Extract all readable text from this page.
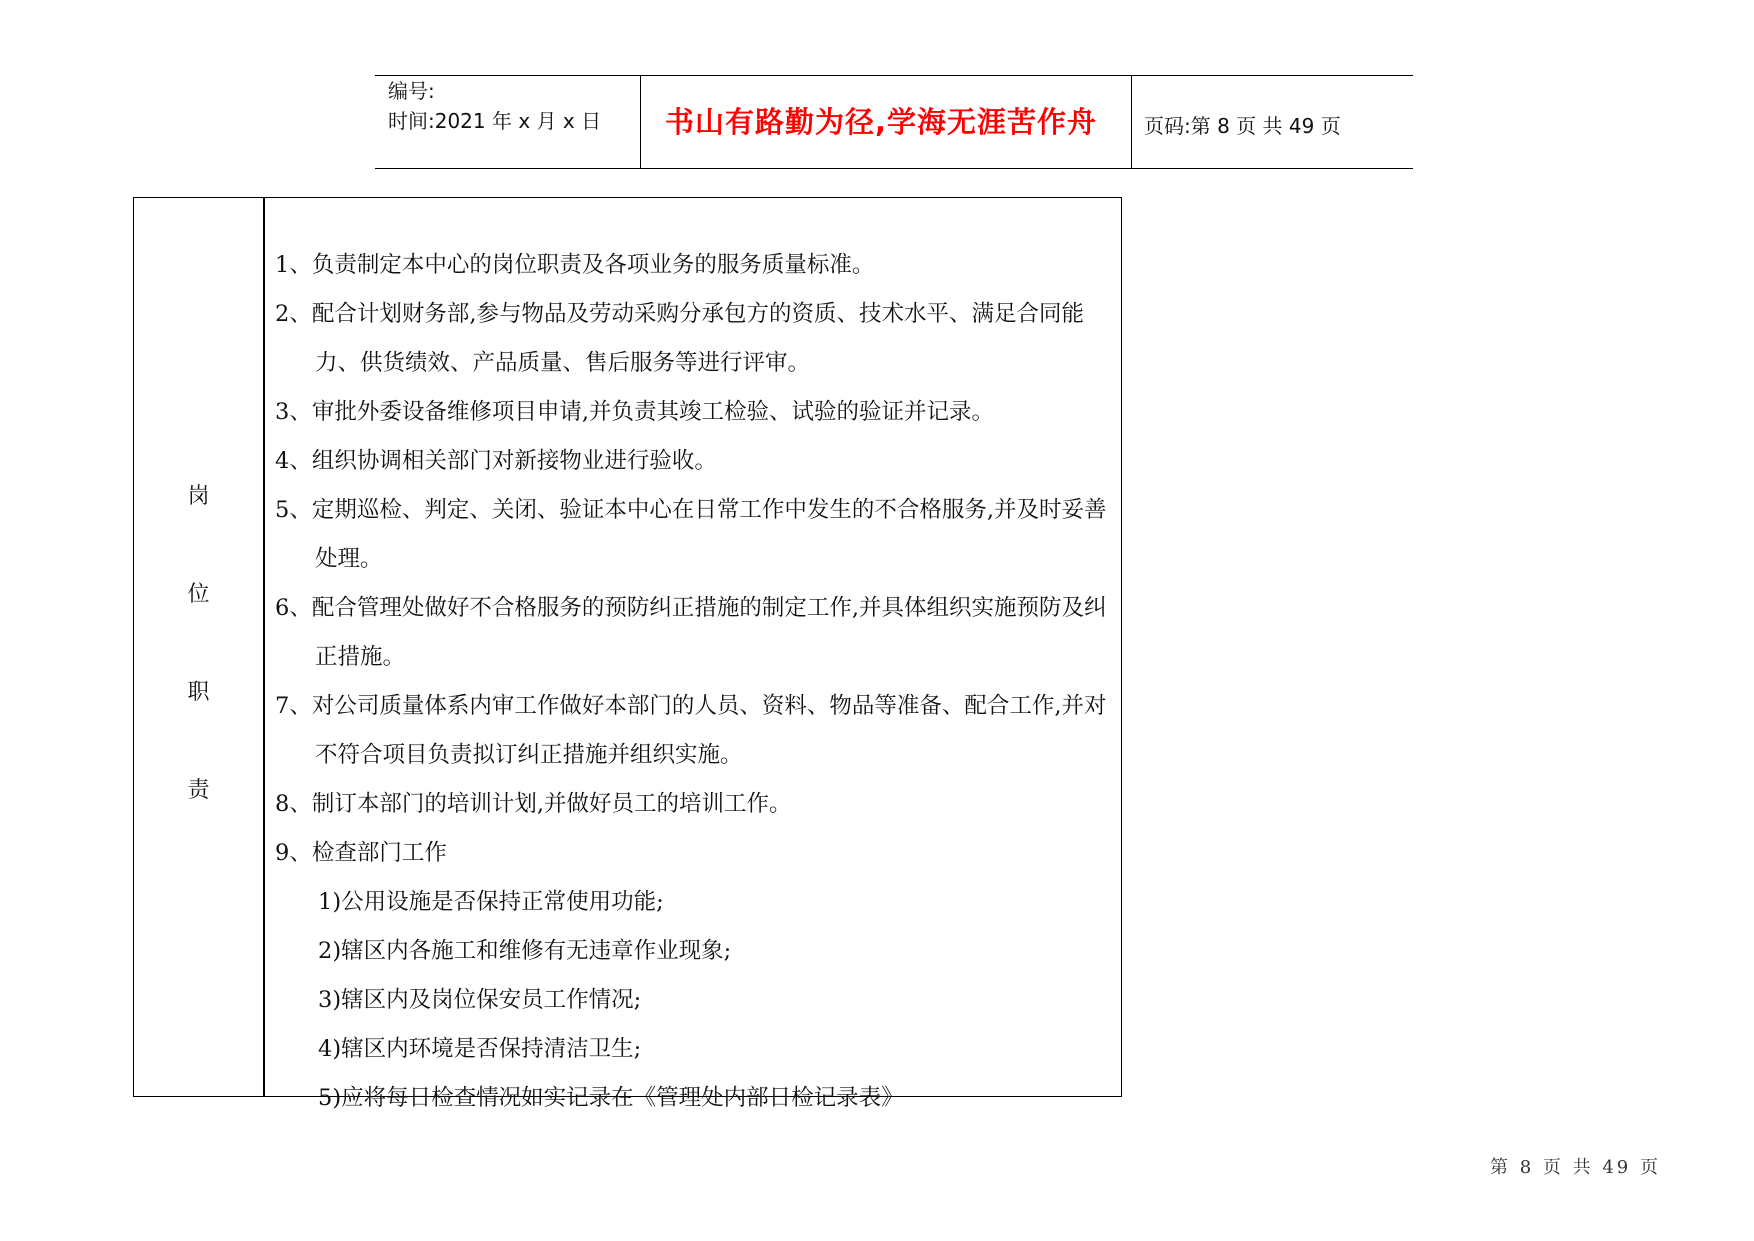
编号:
时间:2021 年 x 月 x 日 书山有路勤为径,学海无涯苦作舟 页码:第 8 页 共 49 页
岗
位
职
责
1、负责制定本中心的岗位职责及各项业务的服务质量标准。
2、配合计划财务部,参与物品及劳动采购分承包方的资质、技术水平、满足合同能力、供货绩效、产品质量、售后服务等进行评审。
3、审批外委设备维修项目申请,并负责其竣工检验、试验的验证并记录。
4、组织协调相关部门对新接物业进行验收。
5、定期巡检、判定、关闭、验证本中心在日常工作中发生的不合格服务,并及时妥善处理。
6、配合管理处做好不合格服务的预防纠正措施的制定工作,并具体组织实施预防及纠正措施。
7、对公司质量体系内审工作做好本部门的人员、资料、物品等准备、配合工作,并对不符合项目负责拟订纠正措施并组织实施。
8、制订本部门的培训计划,并做好员工的培训工作。
9、检查部门工作
1)公用设施是否保持正常使用功能;
2)辖区内各施工和维修有无违章作业现象;
3)辖区内及岗位保安员工作情况;
4)辖区内环境是否保持清洁卫生;
5)应将每日检查情况如实记录在《管理处内部日检记录表》
第 8 页 共 49 页
